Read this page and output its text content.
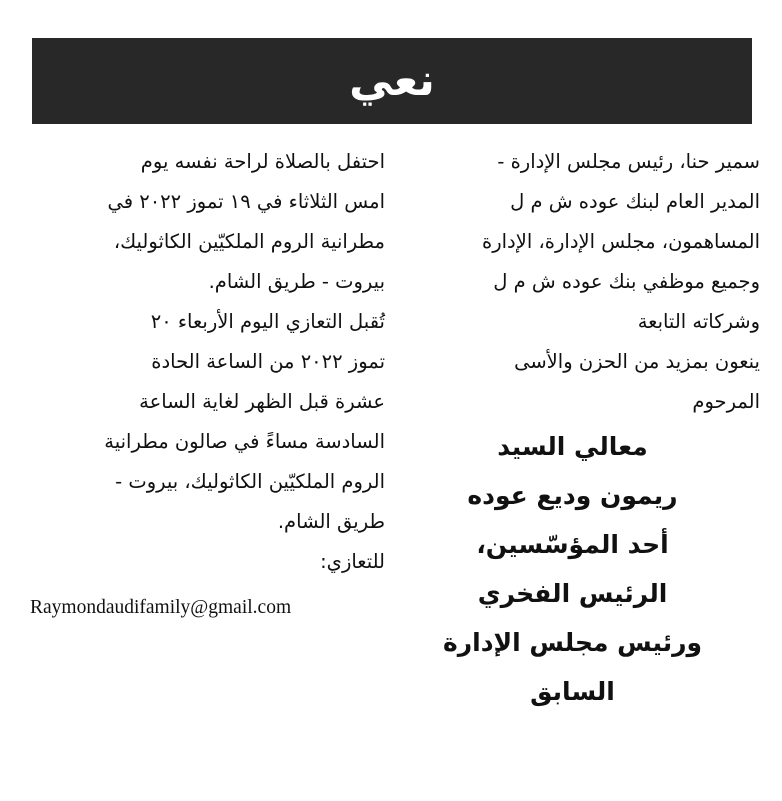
نعي
سمير حنا، رئيس مجلس الإدارة -
المدير العام لبنك عوده ش م ل
المساهمون، مجلس الإدارة، الإدارة
وجميع موظفي بنك عوده ش م ل
وشركاته التابعة
ينعون بمزيد من الحزن والأسى
المرحوم
معالي السيد
ريمون وديع عوده
أحد المؤسّسين،
الرئيس الفخري
ورئيس مجلس الإدارة
السابق
احتفل بالصلاة لراحة نفسه يوم
امس الثلاثاء في ١٩ تموز ٢٠٢٢ في
مطرانية الروم الملكيّين الكاثوليك،
بيروت - طريق الشام.
تُقبل التعازي اليوم الأربعاء ٢٠
تموز ٢٠٢٢ من الساعة الحادة
عشرة قبل الظهر لغاية الساعة
السادسة مساءً في صالون مطرانية
الروم الملكيّين الكاثوليك، بيروت -
طريق الشام.
للتعازي:
Raymondaudifamily@gmail.com
